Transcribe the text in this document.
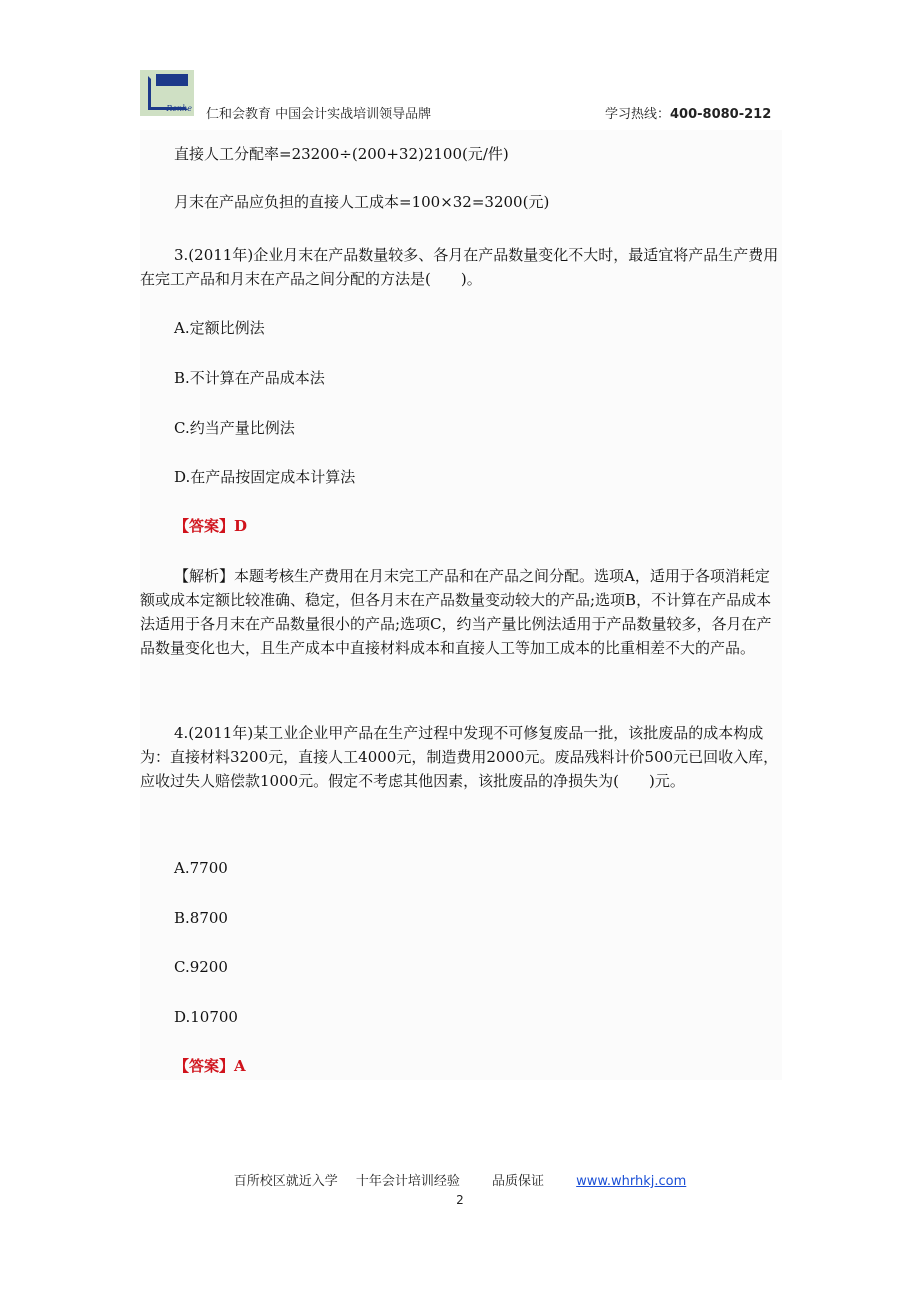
Renhe 仁和会教育 中国会计实战培训领导品牌	学习热线：400-8080-212

直接人工分配率=23200÷(200+32)2100(元/件)

月末在产品应负担的直接人工成本=100×32=3200(元)

3.(2011年)企业月末在产品数量较多、各月在产品数量变化不大时，最适宜将产品生产费用在完工产品和月末在产品之间分配的方法是(　　)。

A.定额比例法

B.不计算在产品成本法

C.约当产量比例法

D.在产品按固定成本计算法

【答案】D

【解析】本题考核生产费用在月末完工产品和在产品之间分配。选项A，适用于各项消耗定额或成本定额比较准确、稳定，但各月末在产品数量变动较大的产品;选项B，不计算在产品成本法适用于各月末在产品数量很小的产品;选项C，约当产量比例法适用于产品数量较多，各月在产品数量变化也大，且生产成本中直接材料成本和直接人工等加工成本的比重相差不大的产品。

4.(2011年)某工业企业甲产品在生产过程中发现不可修复废品一批，该批废品的成本构成为：直接材料3200元，直接人工4000元，制造费用2000元。废品残料计价500元已回收入库，应收过失人赔偿款1000元。假定不考虑其他因素，该批废品的净损失为(　　)元。

A.7700

B.8700

C.9200

D.10700

【答案】A

百所校区就近入学 十年会计培训经验 品质保证 www.whrhkj.com
2
